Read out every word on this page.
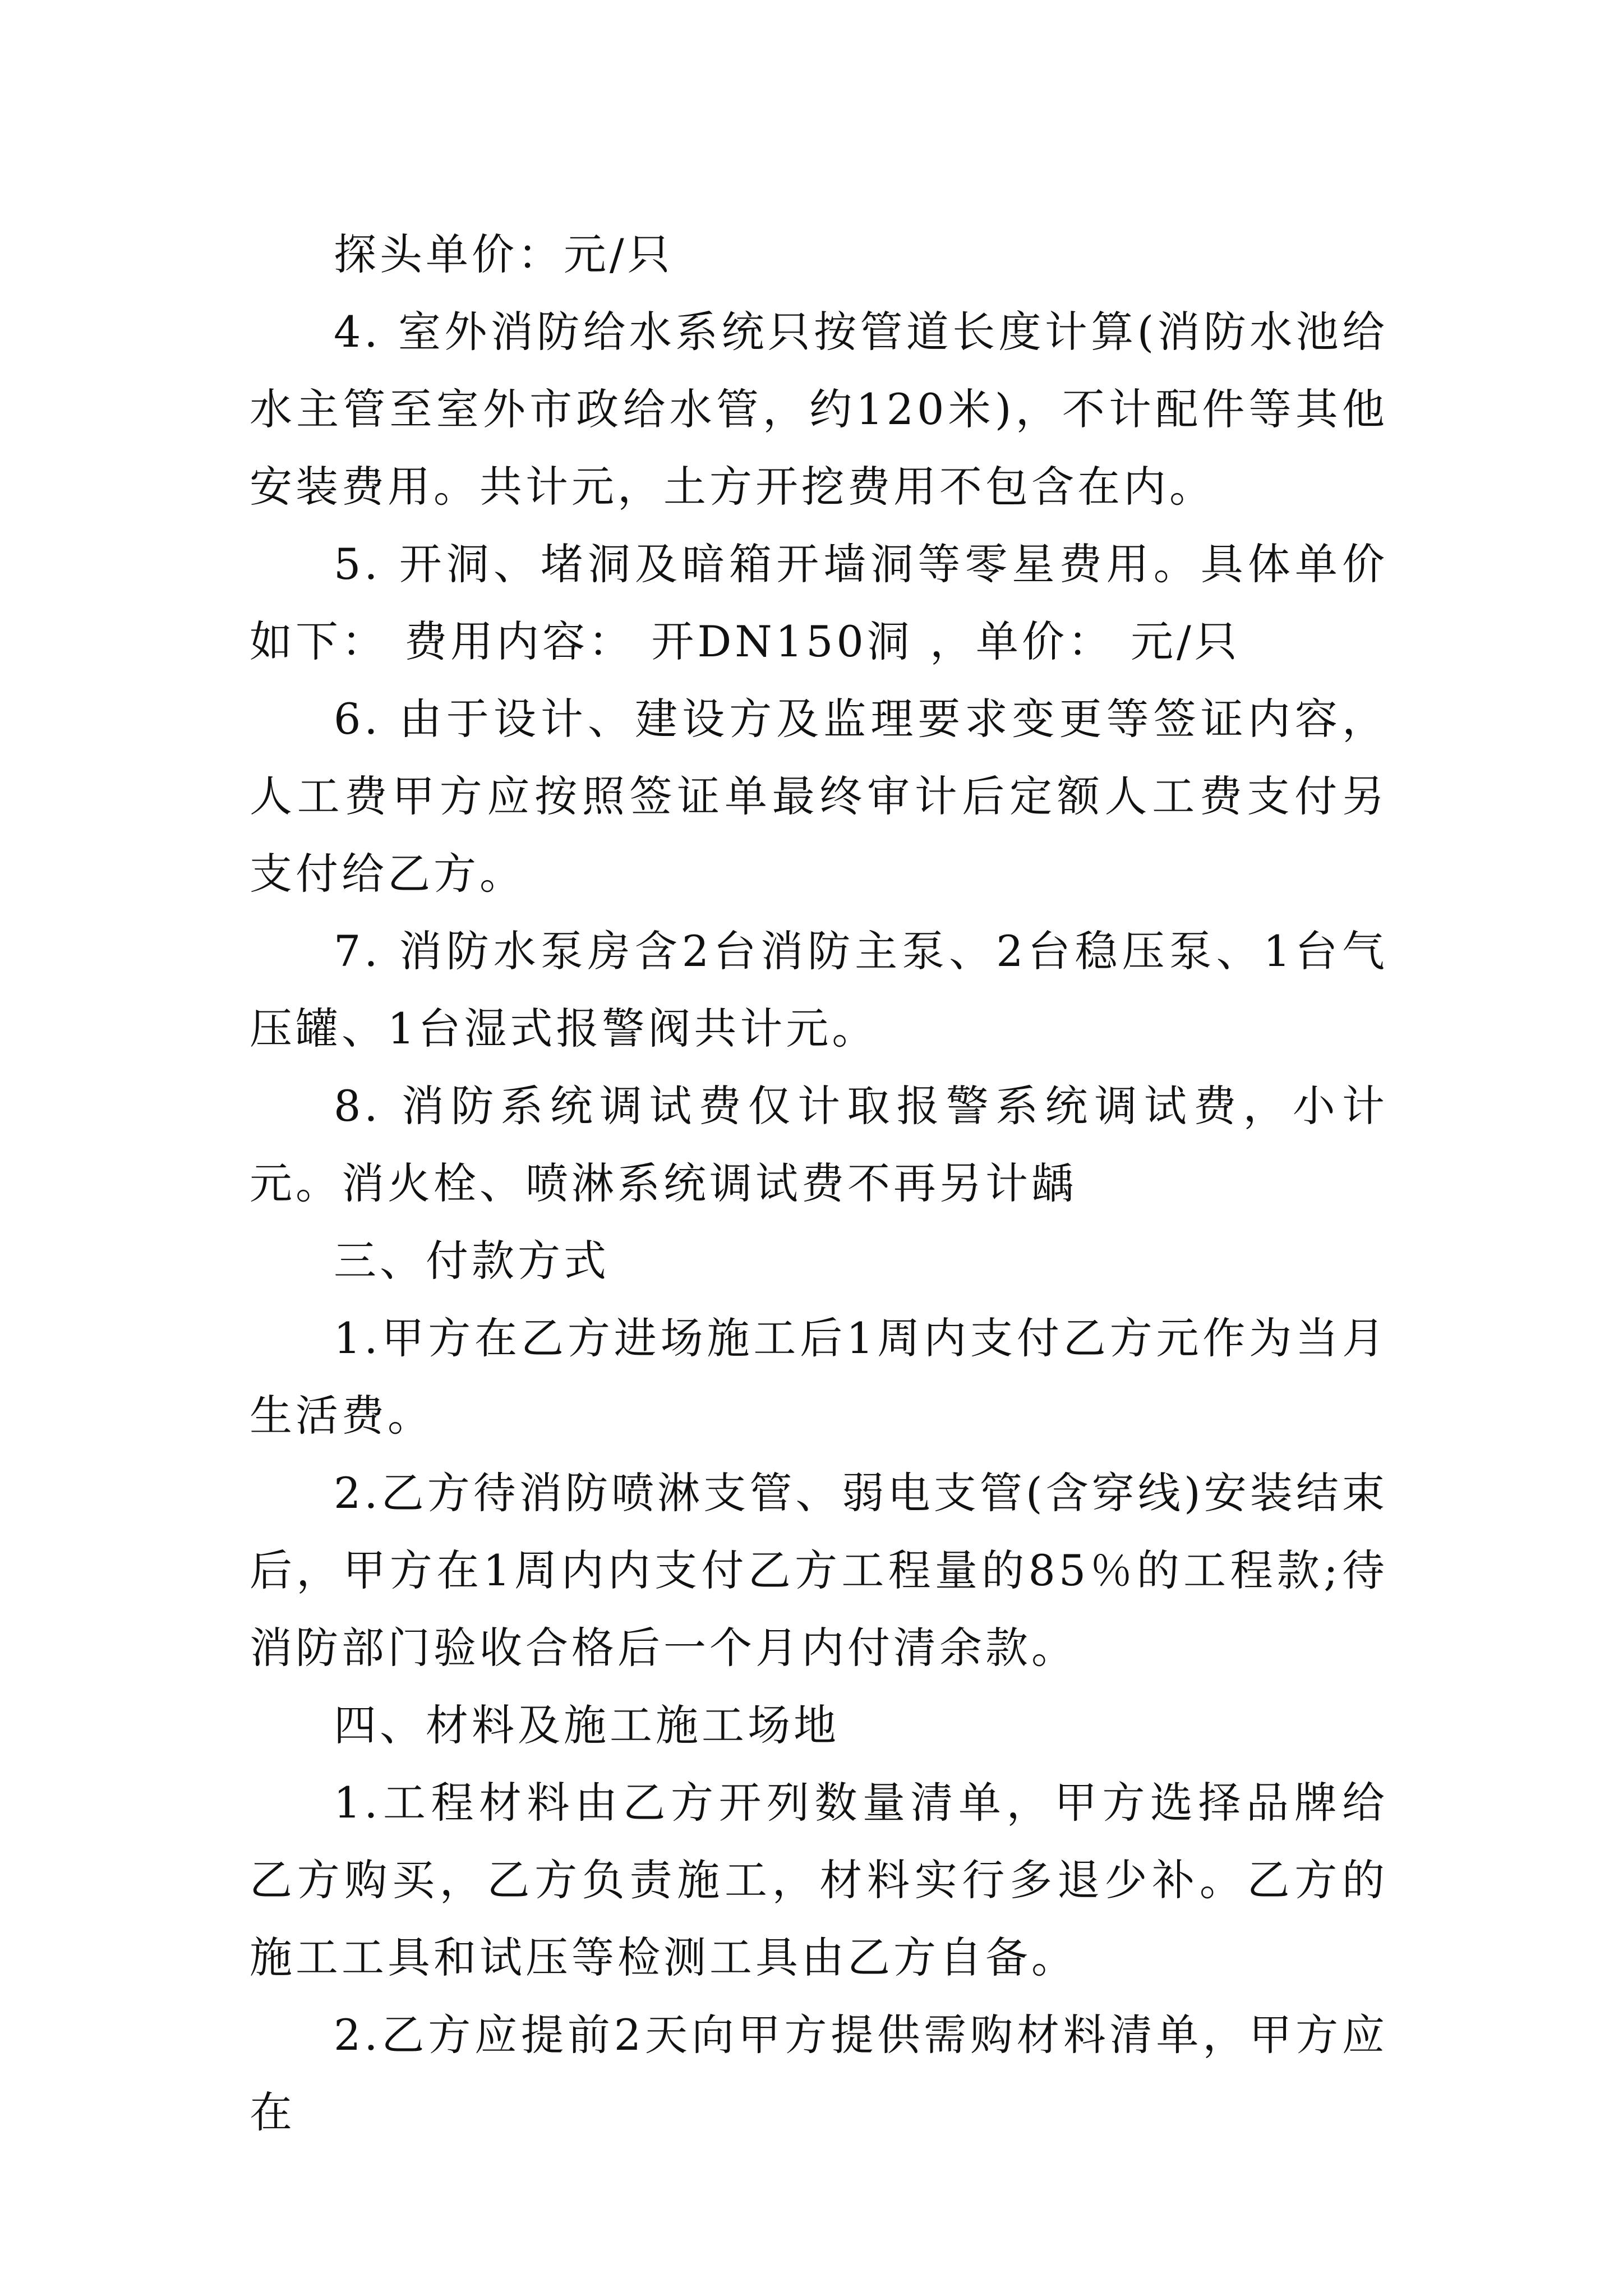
探头单价：元/只

4. 室外消防给水系统只按管道长度计算(消防水池给水主管至室外市政给水管，约120米)，不计配件等其他安装费用。共计元，土方开挖费用不包含在内。

5. 开洞、堵洞及暗箱开墙洞等零星费用。具体单价如下： 费用内容： 开DN150洞 ，单价： 元/只

6. 由于设计、建设方及监理要求变更等签证内容，人工费甲方应按照签证单最终审计后定额人工费支付另支付给乙方。

7. 消防水泵房含2台消防主泵、2台稳压泵、1台气压罐、1台湿式报警阀共计元。

8. 消防系统调试费仅计取报警系统调试费，小计元。消火栓、喷淋系统调试费不再另计龋

三、付款方式

1.甲方在乙方进场施工后1周内支付乙方元作为当月生活费。

2.乙方待消防喷淋支管、弱电支管(含穿线)安装结束后，甲方在1周内内支付乙方工程量的85％的工程款;待消防部门验收合格后一个月内付清余款。

四、材料及施工施工场地

1.工程材料由乙方开列数量清单，甲方选择品牌给乙方购买，乙方负责施工，材料实行多退少补。乙方的施工工具和试压等检测工具由乙方自备。

2.乙方应提前2天向甲方提供需购材料清单，甲方应在
